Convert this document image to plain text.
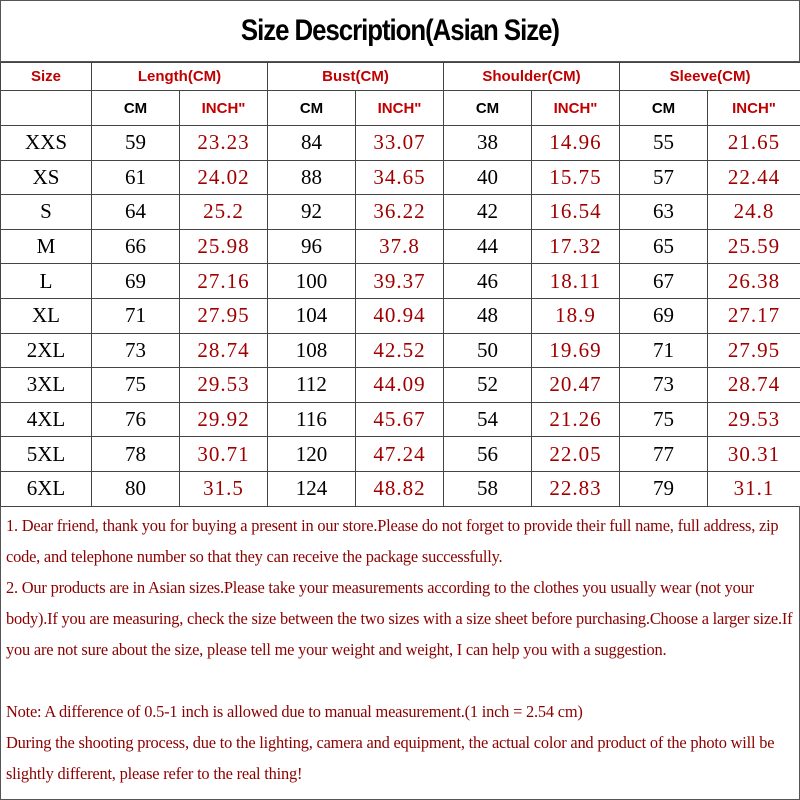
Size Description(Asian Size)
Size	Length(CM)		Bust(CM)		Shoulder(CM)		Sleeve(CM)	
	CM	INCH"	CM	INCH"	CM	INCH"	CM	INCH"
XXS	59	23.23	84	33.07	38	14.96	55	21.65
XS	61	24.02	88	34.65	40	15.75	57	22.44
S	64	25.2	92	36.22	42	16.54	63	24.8
M	66	25.98	96	37.8	44	17.32	65	25.59
L	69	27.16	100	39.37	46	18.11	67	26.38
XL	71	27.95	104	40.94	48	18.9	69	27.17
2XL	73	28.74	108	42.52	50	19.69	71	27.95
3XL	75	29.53	112	44.09	52	20.47	73	28.74
4XL	76	29.92	116	45.67	54	21.26	75	29.53
5XL	78	30.71	120	47.24	56	22.05	77	30.31
6XL	80	31.5	124	48.82	58	22.83	79	31.1

1. Dear friend, thank you for buying a present in our store.Please do not forget to provide their full name, full address, zip code, and telephone number so that they can receive the package successfully.

2. Our products are in Asian sizes.Please take your measurements according to the clothes you usually wear (not your body).If you are measuring, check the size between the two sizes with a size sheet before purchasing.Choose a larger size.If you are not sure about the size, please tell me your weight and weight, I can help you with a suggestion.

Note: A difference of 0.5-1 inch is allowed due to manual measurement.(1 inch = 2.54 cm)

During the shooting process, due to the lighting, camera and equipment, the actual color and product of the photo will be slightly different, please refer to the real thing!
